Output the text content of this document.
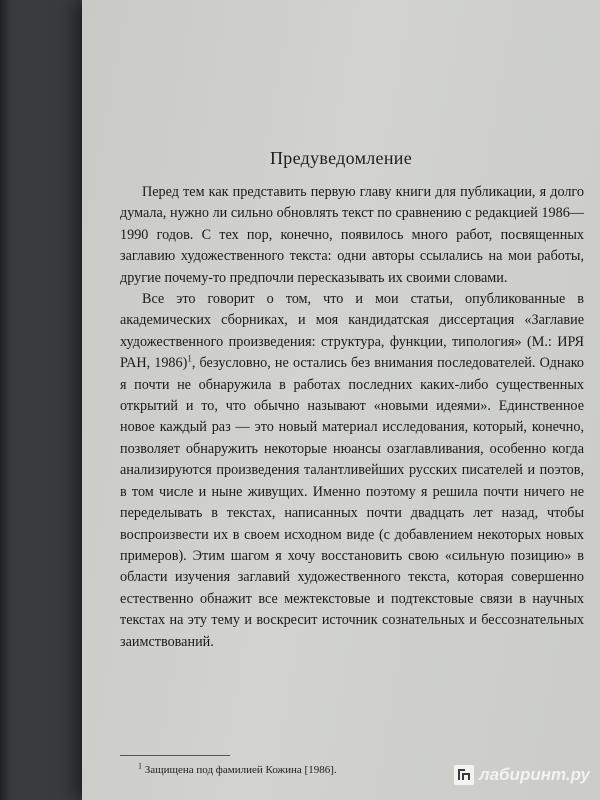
Предуведомление

Перед тем как представить первую главу книги для публикации, я долго думала, нужно ли сильно обновлять текст по сравнению с редакцией 1986—1990 годов. С тех пор, конечно, появилось много работ, посвященных заглавию художественного текста: одни авторы ссылались на мои работы, другие почему-то предпочли пересказывать их своими словами.

Все это говорит о том, что и мои статьи, опубликованные в академических сборниках, и моя кандидатская диссертация «Заглавие художественного произведения: структура, функции, типология» (М.: ИРЯ РАН, 1986)$^1$, безусловно, не остались без внимания последователей. Однако я почти не обнаружила в работах последних каких-либо существенных открытий и то, что обычно называют «новыми идеями». Единственное новое каждый раз — это новый материал исследования, который, конечно, позволяет обнаружить некоторые нюансы озаглавливания, особенно когда анализируются произведения талантливейших русских писателей и поэтов, в том числе и ныне живущих. Именно поэтому я решила почти ничего не переделывать в текстах, написанных почти двадцать лет назад, чтобы воспроизвести их в своем исходном виде (с добавлением некоторых новых примеров). Этим шагом я хочу восстановить свою «сильную позицию» в области изучения заглавий художественного текста, которая совершенно естественно обнажит все межтекстовые и подтекстовые связи в научных текстах на эту тему и воскресит источник сознательных и бессознательных заимствований.

$^1$ Защищена под фамилией Кожина [1986].	лабиринт.ру
